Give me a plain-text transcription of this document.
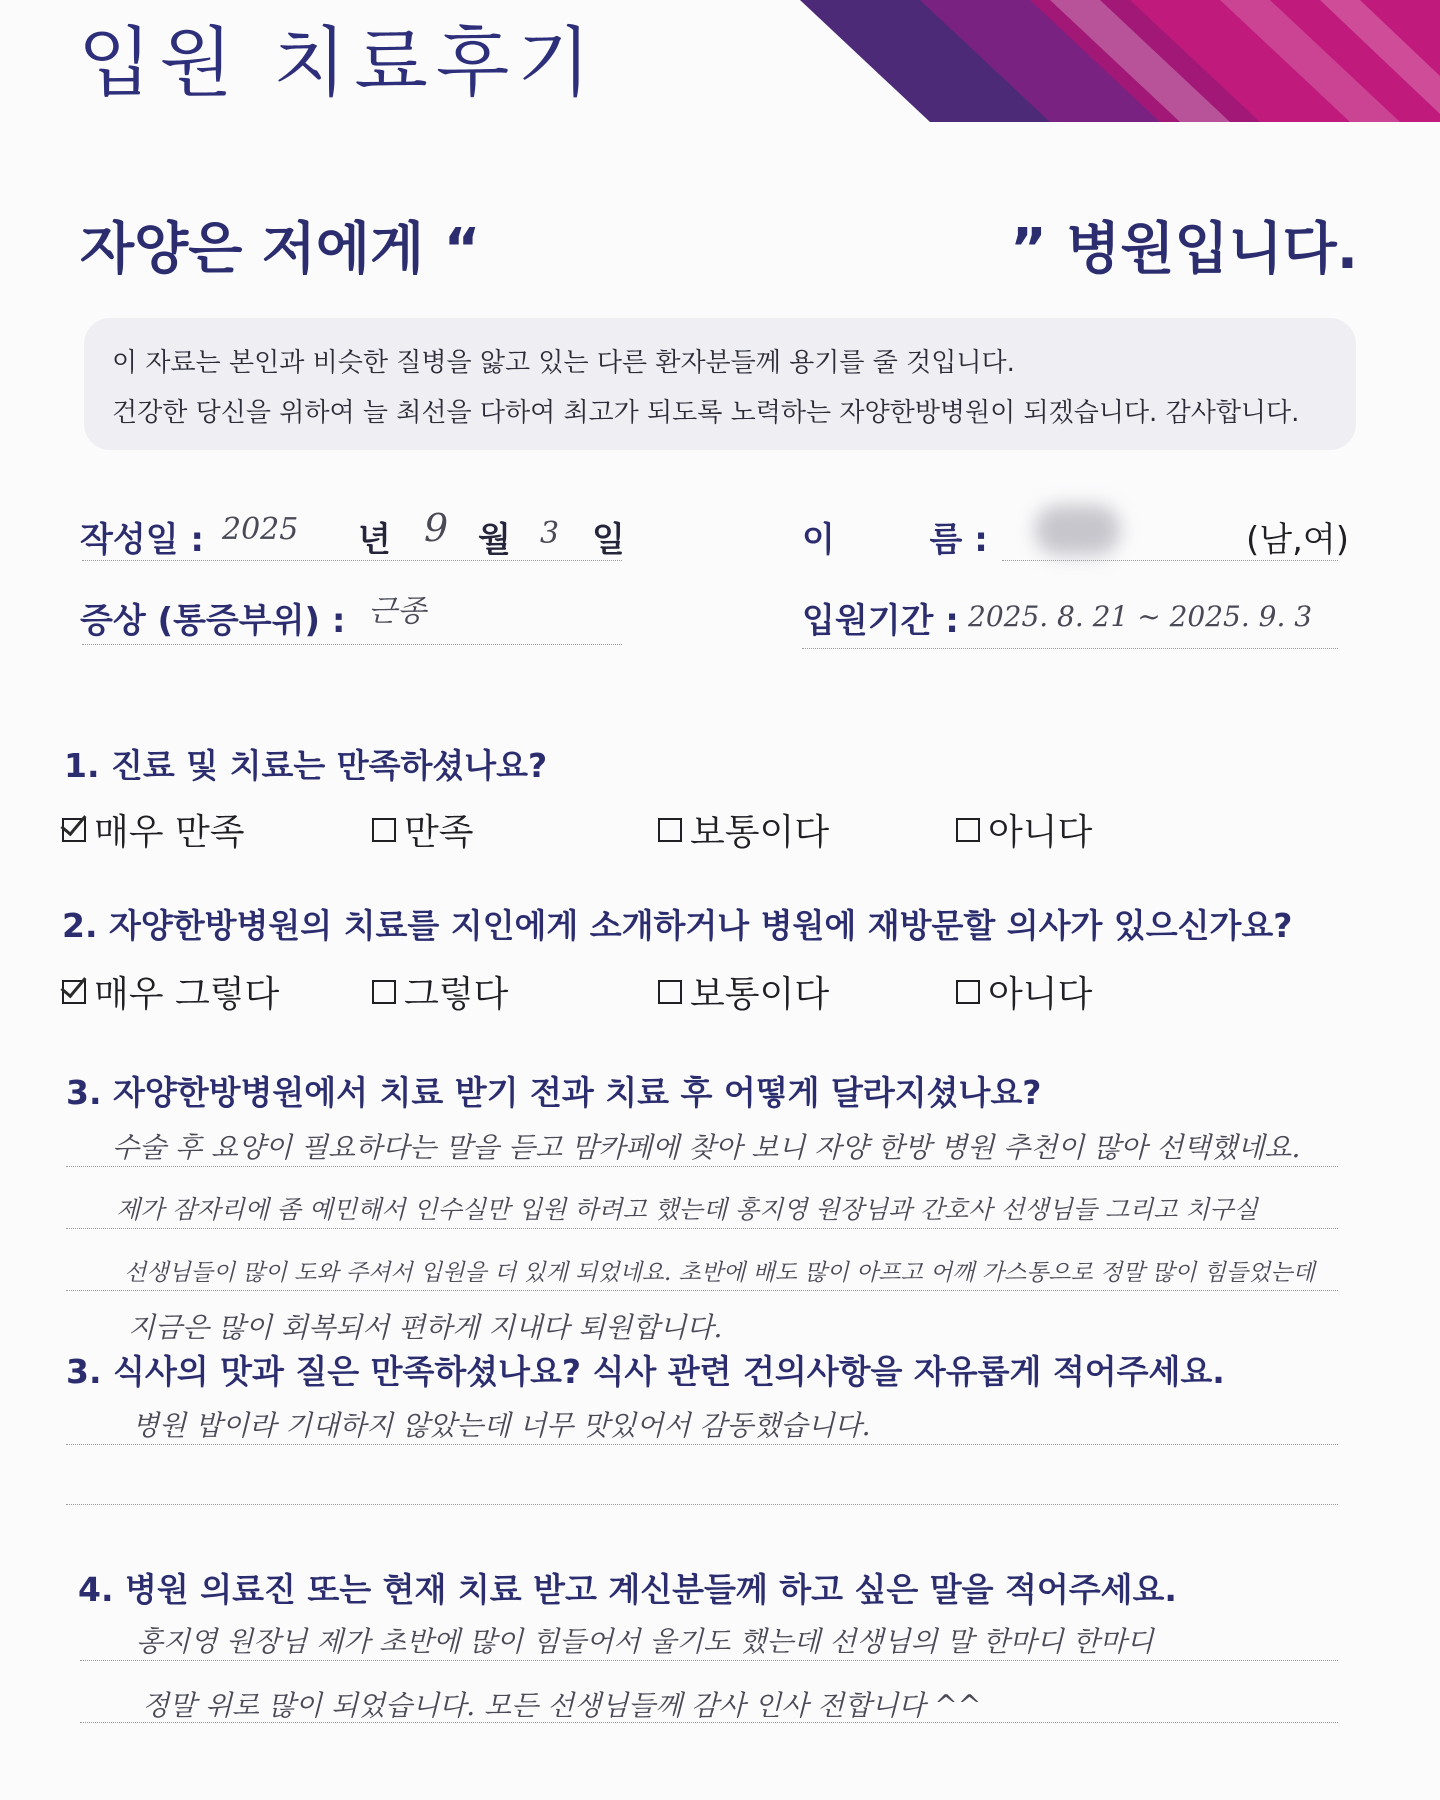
입원 치료후기
자양은 저에게 “	” 병원입니다.
이 자료는 본인과 비슷한 질병을 앓고 있는 다른 환자분들께 용기를 줄 것입니다.
건강한 당신을 위하여 늘 최선을 다하여 최고가 되도록 노력하는 자양한방병원이 되겠습니다. 감사합니다.
작성일 : 2025 년 9 월 3 일	이        름 :	(남,여)
증상 (통증부위) : 근종	입원기간 : 2025. 8. 21 ~ 2025. 9. 3
1. 진료 및 치료는 만족하셨나요?
매우 만족	만족	보통이다	아니다
2. 자양한방병원의 치료를 지인에게 소개하거나 병원에 재방문할 의사가 있으신가요?
매우 그렇다	그렇다	보통이다	아니다
3. 자양한방병원에서 치료 받기 전과 치료 후 어떻게 달라지셨나요?
수술 후 요양이 필요하다는 말을 듣고 맘카페에 찾아 보니 자양 한방 병원 추천이 많아 선택했네요.
제가 잠자리에 좀 예민해서 인수실만 입원 하려고 했는데 홍지영 원장님과 간호사 선생님들 그리고 치구실
선생님들이 많이 도와 주셔서 입원을 더 있게 되었네요. 초반에 배도 많이 아프고 어깨 가스통으로 정말 많이 힘들었는데
지금은 많이 회복되서 편하게 지내다 퇴원합니다.
3. 식사의 맛과 질은 만족하셨나요? 식사 관련 건의사항을 자유롭게 적어주세요.
병원 밥이라 기대하지 않았는데 너무 맛있어서 감동했습니다.
4. 병원 의료진 또는 현재 치료 받고 계신분들께 하고 싶은 말을 적어주세요.
홍지영 원장님 제가 초반에 많이 힘들어서 울기도 했는데 선생님의 말 한마디 한마디
정말 위로 많이 되었습니다. 모든 선생님들께 감사 인사 전합니다 ^^
